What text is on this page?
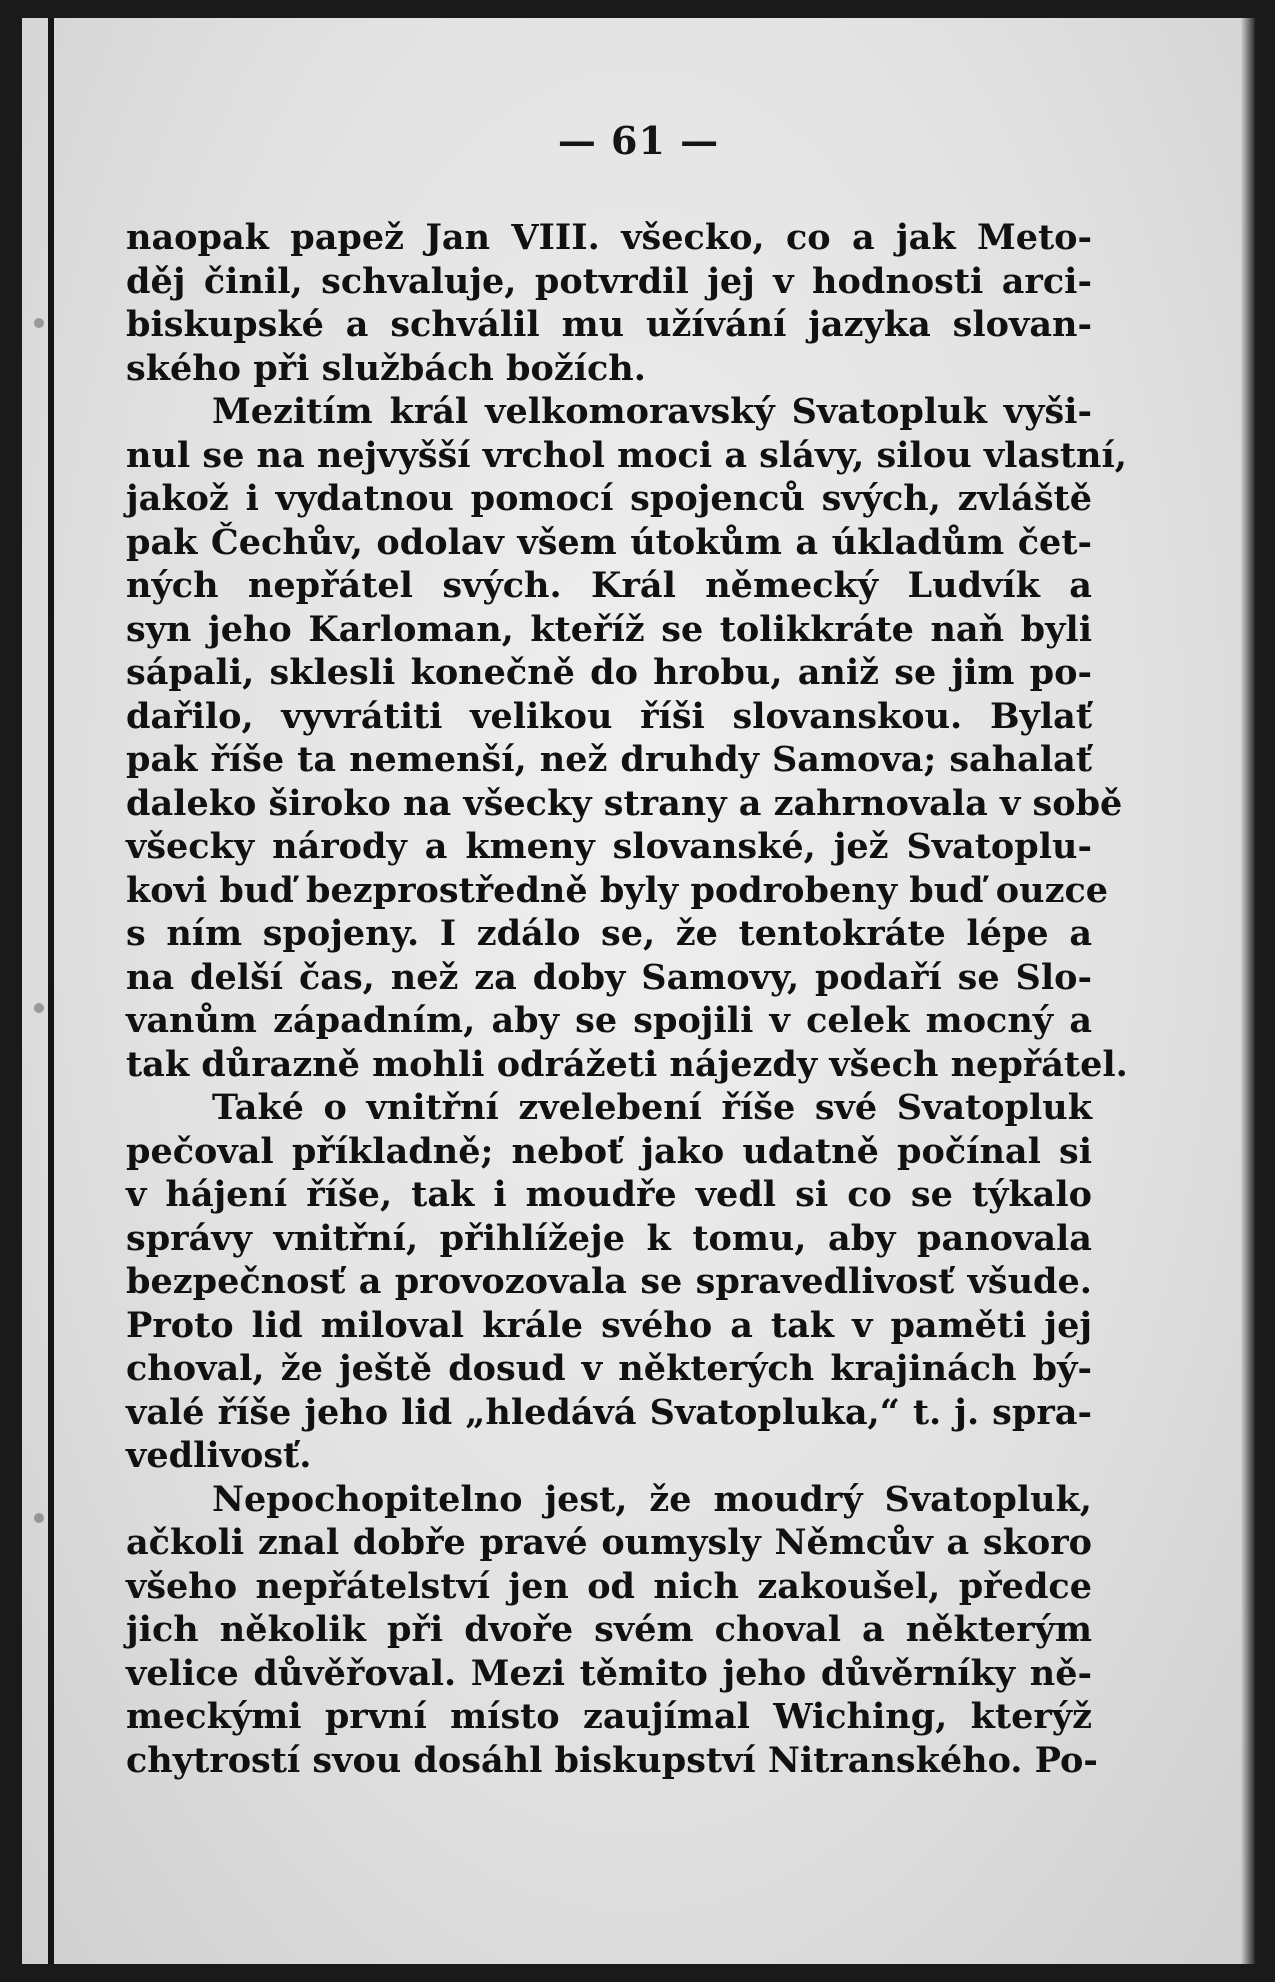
— 61 —
naopak papež Jan VIII. všecko, co a jak Meto-
děj činil, schvaluje, potvrdil jej v hodnosti arci-
biskupské a schválil mu užívání jazyka slovan-
ského při službách božích.
Mezitím král velkomoravský Svatopluk vyši-
nul se na nejvyšší vrchol moci a slávy, silou vlastní,
jakož i vydatnou pomocí spojenců svých, zvláště
pak Čechův, odolav všem útokům a úkladům čet-
ných nepřátel svých. Král německý Ludvík a
syn jeho Karloman, kteříž se tolikkráte naň byli
sápali, sklesli konečně do hrobu, aniž se jim po-
dařilo, vyvrátiti velikou říši slovanskou. Bylať
pak říše ta nemenší, než druhdy Samova; sahalať
daleko široko na všecky strany a zahrnovala v sobě
všecky národy a kmeny slovanské, jež Svatoplu-
kovi buď bezprostředně byly podrobeny buď ouzce
s ním spojeny. I zdálo se, že tentokráte lépe a
na delší čas, než za doby Samovy, podaří se Slo-
vanům západním, aby se spojili v celek mocný a
tak důrazně mohli odrážeti nájezdy všech nepřátel.
Také o vnitřní zvelebení říše své Svatopluk
pečoval příkladně; neboť jako udatně počínal si
v hájení říše, tak i moudře vedl si co se týkalo
správy vnitřní, přihlížeje k tomu, aby panovala
bezpečnosť a provozovala se spravedlivosť všude.
Proto lid miloval krále svého a tak v paměti jej
choval, že ještě dosud v některých krajinách bý-
valé říše jeho lid „hledává Svatopluka,“ t. j. spra-
vedlivosť.
Nepochopitelno jest, že moudrý Svatopluk,
ačkoli znal dobře pravé oumysly Němcův a skoro
všeho nepřátelství jen od nich zakoušel, předce
jich několik při dvoře svém choval a některým
velice důvěřoval. Mezi těmito jeho důvěrníky ně-
meckými první místo zaujímal Wiching, kterýž
chytrostí svou dosáhl biskupství Nitranského. Po-
